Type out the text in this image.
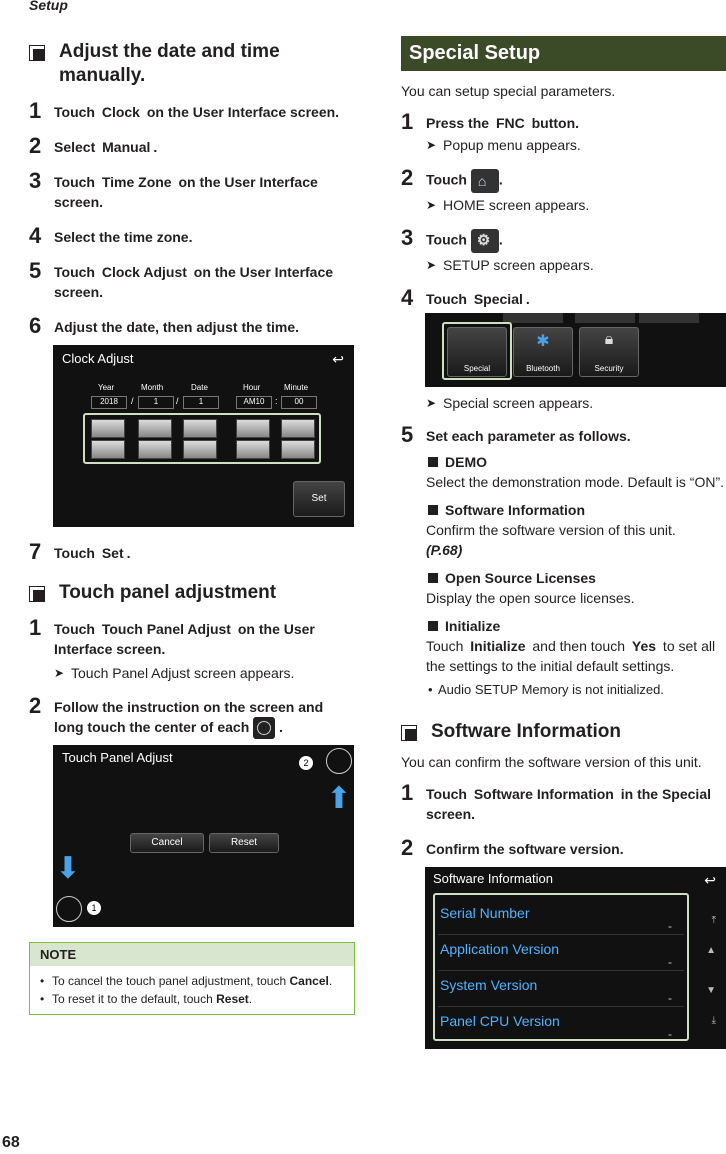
Setup
68
Adjust the date and time manually.
1 Touch Clock on the User Interface screen.
2 Select Manual .
3 Touch Time Zone on the User Interface screen.
4 Select the time zone.
5 Touch Clock Adjust on the User Interface screen.
6 Adjust the date, then adjust the time.
Clock Adjust	↩
Year	Month	Date	Hour	Minute
2018	/	1	/	1	AM10	:	00
Set
7 Touch Set .
Touch panel adjustment
1 Touch Touch Panel Adjust on the User Interface screen.
➤ Touch Panel Adjust screen appears.
2 Follow the instruction on the screen and long touch the center of each .
Touch Panel Adjust	2
⬆
Cancel	Reset
⬇
1
NOTE
• To cancel the touch panel adjustment, touch Cancel.
• To reset it to the default, touch Reset.
Special Setup
You can setup special parameters.
1 Press the FNC button.
➤ Popup menu appears.
2 Touch ⌂ .
➤ HOME screen appears.
3 Touch ⚙ .
➤ SETUP screen appears.
4 Touch Special .
Special
✱
Bluetooth
🔒︎
Security
➤ Special screen appears.
5 Set each parameter as follows.
DEMO
Select the demonstration mode. Default is “ON”.
Software Information
Confirm the software version of this unit.
(P.68)
Open Source Licenses
Display the open source licenses.
Initialize
Touch Initialize and then touch Yes to set all the settings to the initial default settings.
• Audio SETUP Memory is not initialized.
Software Information
You can confirm the software version of this unit.
1 Touch Software Information in the Special screen.
2 Confirm the software version.
Software Information	↩
Serial Number
-
Application Version
-
System Version
-
Panel CPU Version
-
⤒
▲
▼
⤓
